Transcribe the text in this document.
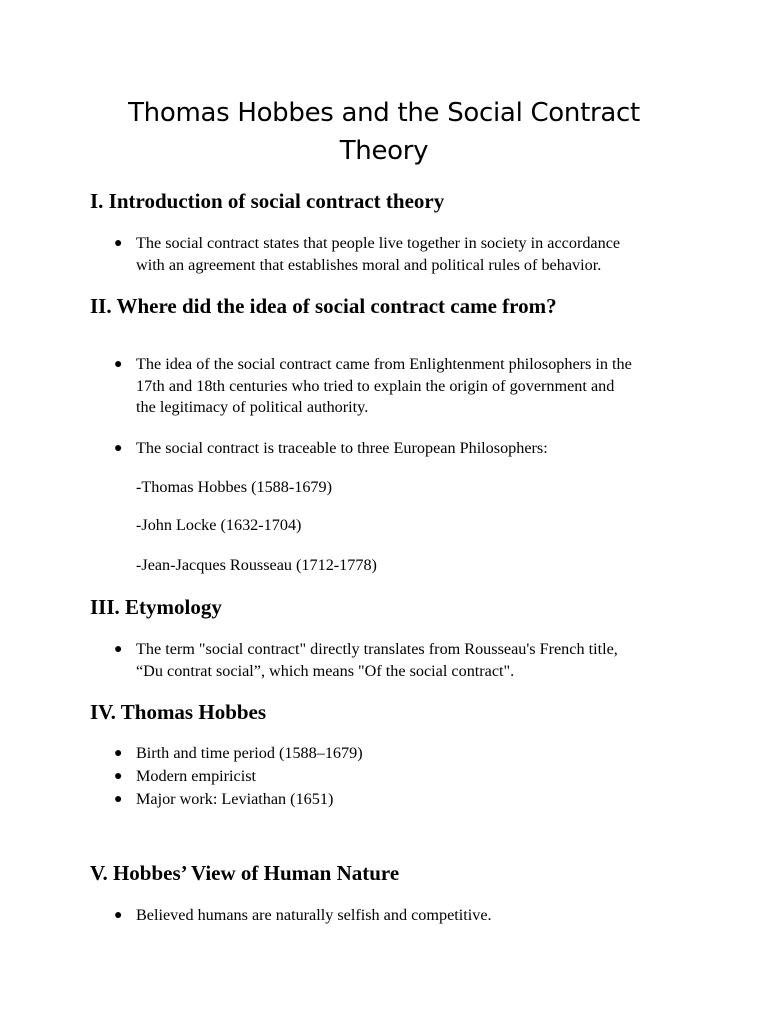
Thomas Hobbes and the Social Contract
Theory
I. Introduction of social contract theory
● The social contract states that people live together in society in accordance
with an agreement that establishes moral and political rules of behavior.
II. Where did the idea of social contract came from?
● The idea of the social contract came from Enlightenment philosophers in the
17th and 18th centuries who tried to explain the origin of government and
the legitimacy of political authority.
● The social contract is traceable to three European Philosophers:
-Thomas Hobbes (1588-1679)
-John Locke (1632-1704)
-Jean-Jacques Rousseau (1712-1778)
III. Etymology
● The term "social contract" directly translates from Rousseau's French title,
“Du contrat social”, which means "Of the social contract".
IV. Thomas Hobbes
● Birth and time period (1588–1679)
● Modern empiricist
● Major work: Leviathan (1651)
V. Hobbes’ View of Human Nature
● Believed humans are naturally selfish and competitive.
